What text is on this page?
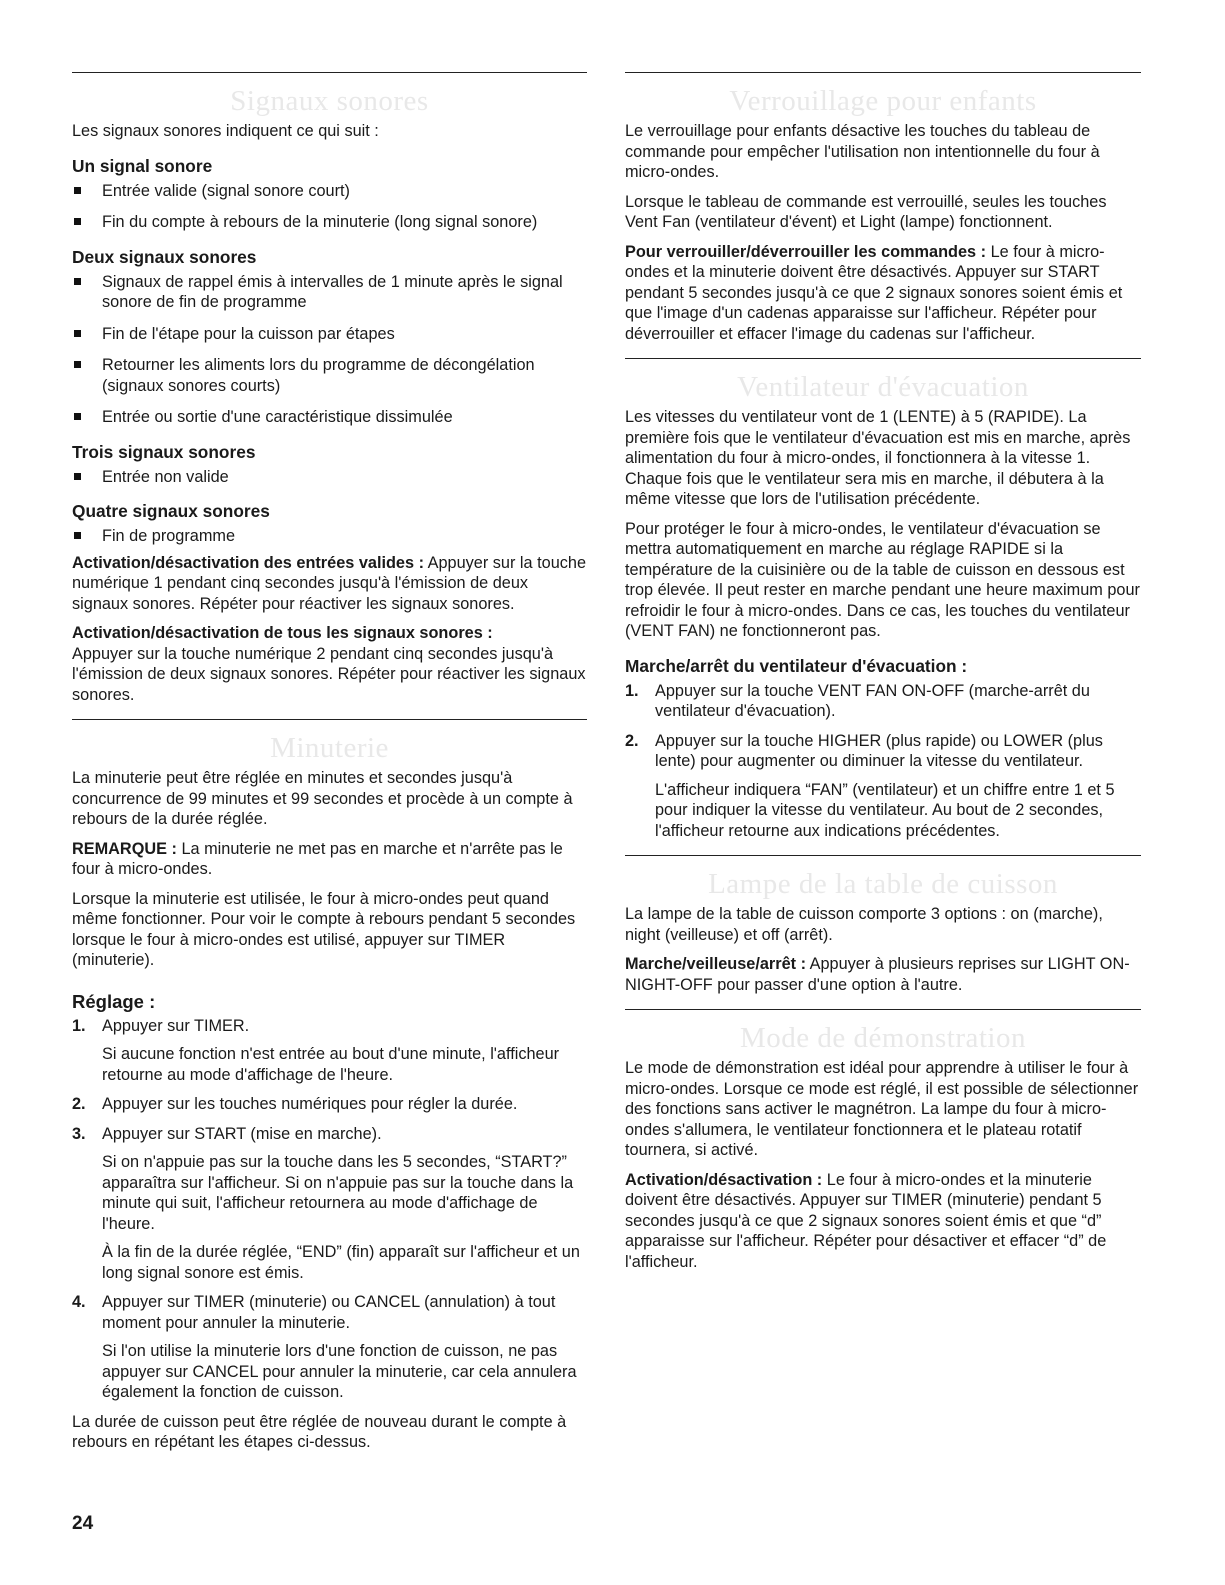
Signaux sonores

Les signaux sonores indiquent ce qui suit :

Un signal sonore
Entrée valide (signal sonore court)
Fin du compte à rebours de la minuterie (long signal sonore)
Deux signaux sonores
Signaux de rappel émis à intervalles de 1 minute après le signal sonore de fin de programme
Fin de l'étape pour la cuisson par étapes
Retourner les aliments lors du programme de décongélation (signaux sonores courts)
Entrée ou sortie d'une caractéristique dissimulée
Trois signaux sonores
Entrée non valide
Quatre signaux sonores
Fin de programme

Activation/désactivation des entrées valides : Appuyer sur la touche numérique 1 pendant cinq secondes jusqu'à l'émission de deux signaux sonores. Répéter pour réactiver les signaux sonores.

Activation/désactivation de tous les signaux sonores :
Appuyer sur la touche numérique 2 pendant cinq secondes jusqu'à l'émission de deux signaux sonores. Répéter pour réactiver les signaux sonores.

Minuterie

La minuterie peut être réglée en minutes et secondes jusqu'à concurrence de 99 minutes et 99 secondes et procède à un compte à rebours de la durée réglée.

REMARQUE : La minuterie ne met pas en marche et n'arrête pas le four à micro-ondes.

Lorsque la minuterie est utilisée, le four à micro-ondes peut quand même fonctionner. Pour voir le compte à rebours pendant 5 secondes lorsque le four à micro-ondes est utilisé, appuyer sur TIMER (minuterie).

Réglage :
1. Appuyer sur TIMER.
Si aucune fonction n'est entrée au bout d'une minute, l'afficheur retourne au mode d'affichage de l'heure.
2. Appuyer sur les touches numériques pour régler la durée.
3. Appuyer sur START (mise en marche).
Si on n'appuie pas sur la touche dans les 5 secondes, “START?” apparaîtra sur l'afficheur. Si on n'appuie pas sur la touche dans la minute qui suit, l'afficheur retournera au mode d'affichage de l'heure.
À la fin de la durée réglée, “END” (fin) apparaît sur l'afficheur et un long signal sonore est émis.
4. Appuyer sur TIMER (minuterie) ou CANCEL (annulation) à tout moment pour annuler la minuterie.
Si l'on utilise la minuterie lors d'une fonction de cuisson, ne pas appuyer sur CANCEL pour annuler la minuterie, car cela annulera également la fonction de cuisson.

La durée de cuisson peut être réglée de nouveau durant le compte à rebours en répétant les étapes ci-dessus.

Verrouillage pour enfants

Le verrouillage pour enfants désactive les touches du tableau de commande pour empêcher l'utilisation non intentionnelle du four à micro-ondes.

Lorsque le tableau de commande est verrouillé, seules les touches Vent Fan (ventilateur d'évent) et Light (lampe) fonctionnent.

Pour verrouiller/déverrouiller les commandes : Le four à micro-ondes et la minuterie doivent être désactivés. Appuyer sur START pendant 5 secondes jusqu'à ce que 2 signaux sonores soient émis et que l'image d'un cadenas apparaisse sur l'afficheur. Répéter pour déverrouiller et effacer l'image du cadenas sur l'afficheur.

Ventilateur d'évacuation

Les vitesses du ventilateur vont de 1 (LENTE) à 5 (RAPIDE). La première fois que le ventilateur d'évacuation est mis en marche, après alimentation du four à micro-ondes, il fonctionnera à la vitesse 1. Chaque fois que le ventilateur sera mis en marche, il débutera à la même vitesse que lors de l'utilisation précédente.

Pour protéger le four à micro-ondes, le ventilateur d'évacuation se mettra automatiquement en marche au réglage RAPIDE si la température de la cuisinière ou de la table de cuisson en dessous est trop élevée. Il peut rester en marche pendant une heure maximum pour refroidir le four à micro-ondes. Dans ce cas, les touches du ventilateur (VENT FAN) ne fonctionneront pas.

Marche/arrêt du ventilateur d'évacuation :
1. Appuyer sur la touche VENT FAN ON-OFF (marche-arrêt du ventilateur d'évacuation).
2. Appuyer sur la touche HIGHER (plus rapide) ou LOWER (plus lente) pour augmenter ou diminuer la vitesse du ventilateur.
L'afficheur indiquera “FAN” (ventilateur) et un chiffre entre 1 et 5 pour indiquer la vitesse du ventilateur. Au bout de 2 secondes, l'afficheur retourne aux indications précédentes.
Lampe de la table de cuisson

La lampe de la table de cuisson comporte 3 options : on (marche), night (veilleuse) et off (arrêt).

Marche/veilleuse/arrêt : Appuyer à plusieurs reprises sur LIGHT ON-NIGHT-OFF pour passer d'une option à l'autre.

Mode de démonstration

Le mode de démonstration est idéal pour apprendre à utiliser le four à micro-ondes. Lorsque ce mode est réglé, il est possible de sélectionner des fonctions sans activer le magnétron. La lampe du four à micro-ondes s'allumera, le ventilateur fonctionnera et le plateau rotatif tournera, si activé.

Activation/désactivation : Le four à micro-ondes et la minuterie doivent être désactivés. Appuyer sur TIMER (minuterie) pendant 5 secondes jusqu'à ce que 2 signaux sonores soient émis et que “d” apparaisse sur l'afficheur. Répéter pour désactiver et effacer “d” de l'afficheur.

24
